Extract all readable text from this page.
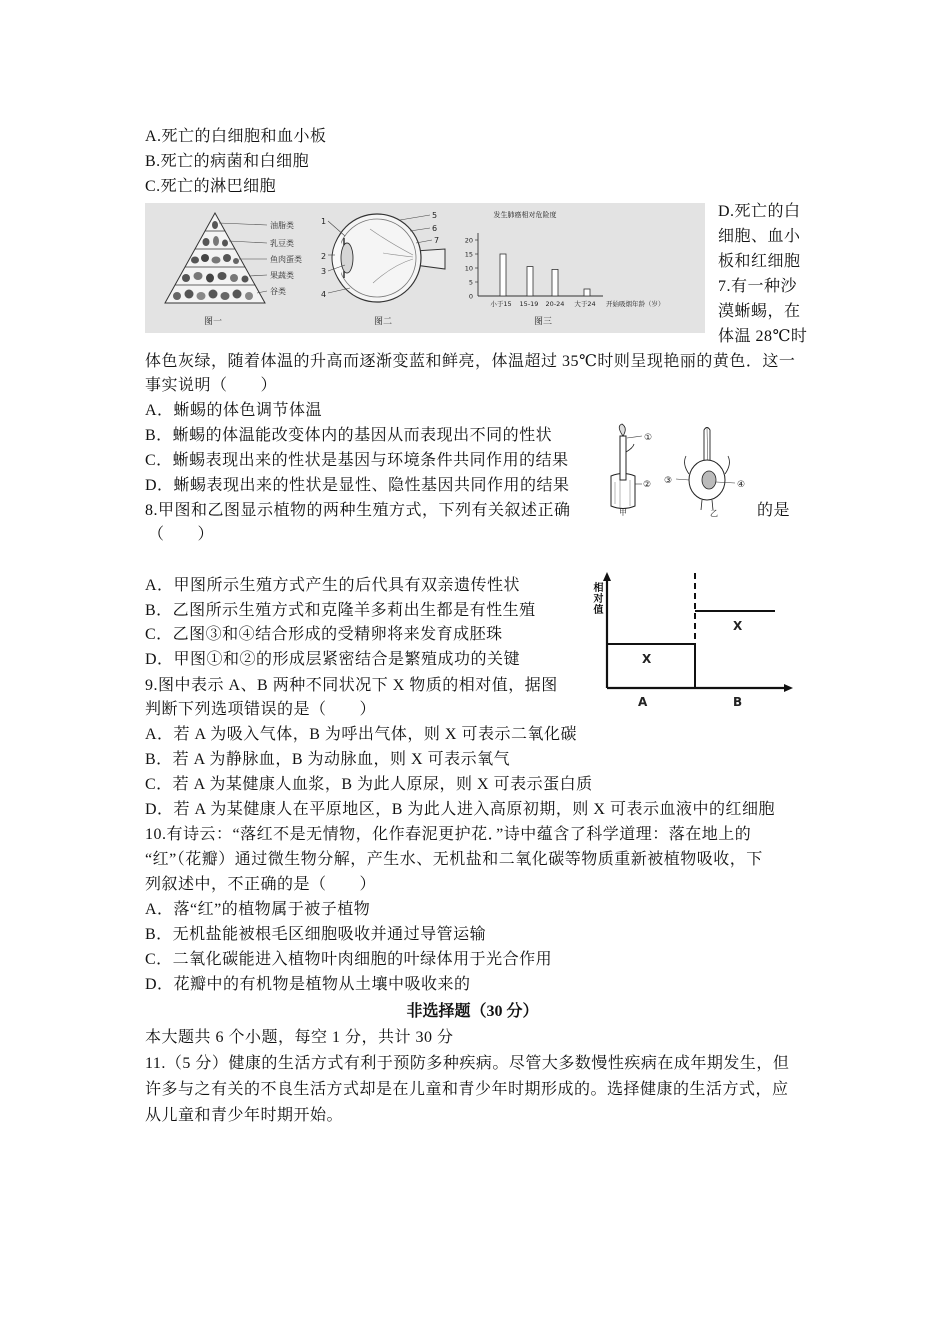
A.死亡的白细胞和血小板
B.死亡的病菌和白细胞
C.死亡的淋巴细胞
油脂类
乳豆类
鱼肉蛋类
果蔬类
谷类
图一
1
2
3
4
5
6
7
图二
发生肺癌相对危险度
0
5
10
15
20
小于15 15-19 20-24 大于24 开始吸烟年龄（岁）
图三
D.死亡的白
细胞、血小
板和红细胞
7.有一种沙
漠蜥蜴，在
体温 28℃时
体色灰绿，随着体温的升高而逐渐变蓝和鲜亮，体温超过 35℃时则呈现艳丽的黄色．这一
事实说明（　　）
A．蜥蜴的体色调节体温
B．蜥蜴的体温能改变体内的基因从而表现出不同的性状
C．蜥蜴表现出来的性状是基因与环境条件共同作用的结果
D．蜥蜴表现出来的性状是显性、隐性基因共同作用的结果
①
②
甲
③	④
乙
8.甲图和乙图显示植物的两种生殖方式，下列有关叙述正确	的是
（　　）
A．甲图所示生殖方式产生的后代具有双亲遗传性状
B．乙图所示生殖方式和克隆羊多莉出生都是有性生殖
C．乙图③和④结合形成的受精卵将来发育成胚珠
D．甲图①和②的形成层紧密结合是繁殖成功的关键
相对值
X
X
A	B
9.图中表示 A、B 两种不同状况下 X 物质的相对值，据图
判断下列选项错误的是（　　）
A．若 A 为吸入气体，B 为呼出气体，则 X 可表示二氧化碳
B．若 A 为静脉血，B 为动脉血，则 X 可表示氧气
C．若 A 为某健康人血浆，B 为此人原尿，则 X 可表示蛋白质
D．若 A 为某健康人在平原地区，B 为此人进入高原初期，则 X 可表示血液中的红细胞
10.有诗云：“落红不是无情物，化作春泥更护花．”诗中蕴含了科学道理：落在地上的
“红”（花瓣）通过微生物分解，产生水、无机盐和二氧化碳等物质重新被植物吸收，下
列叙述中，不正确的是（　　）
A．落“红”的植物属于被子植物
B．无机盐能被根毛区细胞吸收并通过导管运输
C．二氧化碳能进入植物叶肉细胞的叶绿体用于光合作用
D．花瓣中的有机物是植物从土壤中吸收来的
非选择题（30 分）
本大题共 6 个小题，每空 1 分，共计 30 分
11.（5 分）健康的生活方式有利于预防多种疾病。尽管大多数慢性疾病在成年期发生，但
许多与之有关的不良生活方式却是在儿童和青少年时期形成的。选择健康的生活方式，应
从儿童和青少年时期开始。
